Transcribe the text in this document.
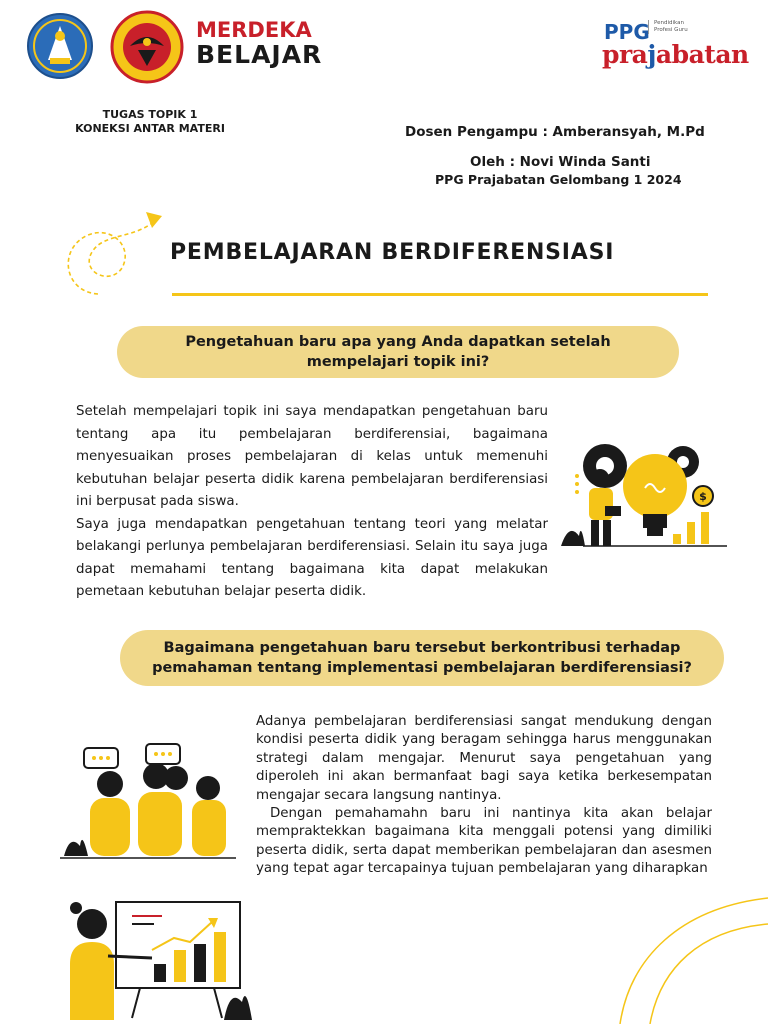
MERDEKA
BELAJAR
PPG Pendidikan Profesi Guru
prajabatan
TUGAS TOPIK 1
KONEKSI ANTAR MATERI	Dosen Pengampu : Amberansyah, M.Pd
Oleh : Novi Winda Santi
PPG Prajabatan Gelombang 1 2024
PEMBELAJARAN BERDIFERENSIASI
Pengetahuan baru apa yang Anda dapatkan setelah mempelajari topik ini?

Setelah mempelajari topik ini saya mendapatkan pengetahuan baru tentang apa itu pembelajaran berdiferensiai, bagaimana menyesuaikan proses pembelajaran di kelas untuk memenuhi kebutuhan belajar peserta didik karena pembelajaran berdiferensiasi ini berpusat pada siswa.

Saya juga mendapatkan pengetahuan tentang teori yang melatar belakangi perlunya pembelajaran berdiferensiasi. Selain itu saya juga dapat memahami tentang bagaimana kita dapat melakukan pemetaan kebutuhan belajar peserta didik.

$
Bagaimana pengetahuan baru tersebut berkontribusi terhadap pemahaman tentang implementasi pembelajaran berdiferensiasi?

Adanya pembelajaran berdiferensiasi sangat mendukung dengan kondisi peserta didik yang beragam sehingga harus menggunakan strategi dalam mengajar. Menurut saya pengetahuan yang diperoleh ini akan bermanfaat bagi saya ketika berkesempatan mengajar secara langsung nantinya.

Dengan pemahamahn baru ini nantinya kita akan belajar mempraktekkan bagaimana kita menggali potensi yang dimiliki peserta didik, serta dapat memberikan pembelajaran dan asesmen yang tepat agar tercapainya tujuan pembelajaran yang diharapkan
